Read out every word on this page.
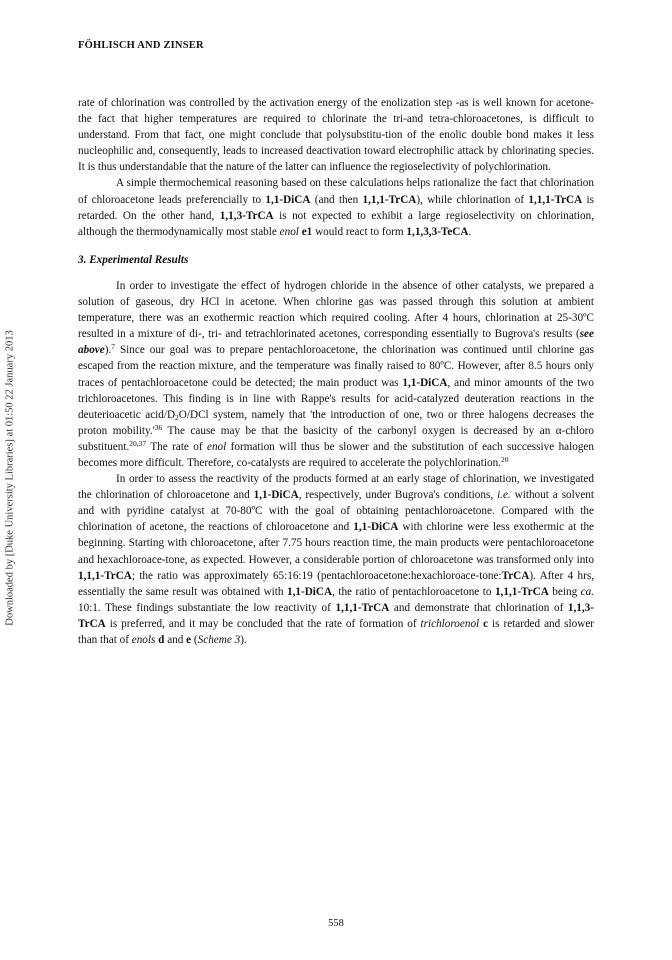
FÖHLISCH AND ZINSER
Downloaded by [Duke University Libraries] at 01:50 22 January 2013

rate of chlorination was controlled by the activation energy of the enolization step -as is well known for acetone- the fact that higher temperatures are required to chlorinate the tri-and tetra-chloroacetones, is difficult to understand. From that fact, one might conclude that polysubstitu-tion of the enolic double bond makes it less nucleophilic and, consequently, leads to increased deactivation toward electrophilic attack by chlorinating species. It is thus understandable that the nature of the latter can influence the regioselectivity of polychlorination.

A simple thermochemical reasoning based on these calculations helps rationalize the fact that chlorination of chloroacetone leads preferencially to 1,1-DiCA (and then 1,1,1-TrCA), while chlorination of 1,1,1-TrCA is retarded. On the other hand, 1,1,3-TrCA is not expected to exhibit a large regioselectivity on chlorination, although the thermodynamically most stable enol e1 would react to form 1,1,3,3-TeCA.

3. Experimental Results

In order to investigate the effect of hydrogen chloride in the absence of other catalysts, we prepared a solution of gaseous, dry HCl in acetone. When chlorine gas was passed through this solution at ambient temperature, there was an exothermic reaction which required cooling. After 4 hours, chlorination at 25-30ºC resulted in a mixture of di-, tri- and tetrachlorinated acetones, corresponding essentially to Bugrova's results (see above).$^7$ Since our goal was to prepare pentachloroacetone, the chlorination was continued until chlorine gas escaped from the reaction mixture, and the temperature was finally raised to 80ºC. However, after 8.5 hours only traces of pentachloroacetone could be detected; the main product was 1,1-DiCA, and minor amounts of the two trichloroacetones. This finding is in line with Rappe's results for acid-catalyzed deuteration reactions in the deuterioacetic acid/$D_2O$/DCl system, namely that 'the introduction of one, two or three halogens decreases the proton $mobility.'^{36}$ The cause may be that the basicity of the carbonyl oxygen is decreased by an α-chloro substituent.$^{20,37}$ The rate of enol formation will thus be slower and the substitution of each successive halogen becomes more difficult. Therefore, co-catalysts are required to accelerate the polychlorination.$^{20}$

In order to assess the reactivity of the products formed at an early stage of chlorination, we investigated the chlorination of chloroacetone and 1,1-DiCA, respectively, under Bugrova's conditions, i.e. without a solvent and with pyridine catalyst at 70-80ºC with the goal of obtaining pentachloroacetone. Compared with the chlorination of acetone, the reactions of chloroacetone and 1,1-DiCA with chlorine were less exothermic at the beginning. Starting with chloroacetone, after 7.75 hours reaction time, the main products were pentachloroacetone and hexachloroace-tone, as expected. However, a considerable portion of chloroacetone was transformed only into 1,1,1-TrCA; the ratio was approximately 65:16:19 (pentachloroacetone:hexachloroace-tone:TrCA). After 4 hrs, essentially the same result was obtained with 1,1-DiCA, the ratio of pentachloroacetone to 1,1,1-TrCA being ca. 10:1. These findings substantiate the low reactivity of 1,1,1-TrCA and demonstrate that chlorination of 1,1,3-TrCA is preferred, and it may be concluded that the rate of formation of trichloroenol c is retarded and slower than that of enols d and e (Scheme 3).

558
